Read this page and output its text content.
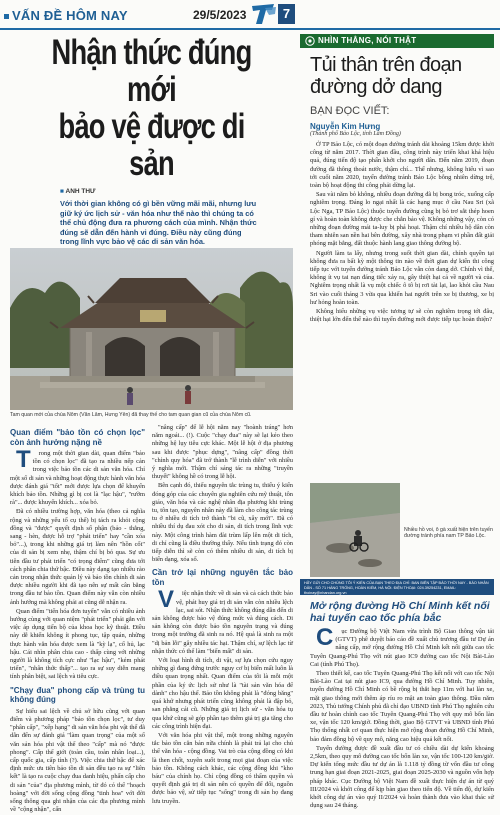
VẤN ĐỀ HÔM NAY	29/5/2023	7
Nhận thức đúng mới
bảo vệ được di sản
■ ANH THƯ
Với thời gian không có gì bền vững mãi mãi, nhưng lưu giữ ký ức lịch sử - văn hóa như thế nào thì chúng ta có thể chủ động đưa ra phương cách của mình. Nhận thức đúng sẽ dẫn đến hành vi đúng. Điều này cũng đúng trong lĩnh vực bảo vệ các di sản văn hóa.
Tam quan mới của chùa Nôm (Văn Lâm, Hưng Yên) đã thay thế cho tam quan gian cũ của chùa Nôm cũ.
Quan điểm "bảo tồn có chọn lọc" còn ảnh hưởng nặng nề

Trong một thời gian dài, quan điểm "bảo tồn có chọn lọc" đã tạo ra nhiều nếp cản trong việc bảo tồn các di sản văn hóa. Chỉ một số di sản và những hoạt động thực hành văn hóa được đánh giá "tốt" mới được lựa chọn để khuyến khích bảo tồn. Những gì bị coi là "lạc hậu", "rườm rà"... được khuyến khích... xóa bỏ.

Đã có nhiều trường hợp, văn hóa (theo cả nghĩa rộng và những yếu tố cụ thể) bị tách ra khỏi cộng đồng và "được" quyết định số phận (bảo - thắng, sang - hèn, được hỗ trợ "phát triển" hay "cần xóa bỏ"...), trong khi những giá trị làm nên "hồn cốt" của di sản bị xem nhẹ, thậm chí bị bỏ qua. Sự ưu tiên đầu tư phát triển "có trọng điểm" cũng đưa tới cách phân chia thứ bậc. Điều này dạng tạo nhiều rào cản trong nhận thức quản lý và bảo tồn chính di sản được nhiều người khi đã tạo nên sự mất cân bằng trong đầu tư bảo tồn. Quan điểm này vẫn còn nhiều ảnh hưởng mà không phải ai cũng dễ nhận ra.

Quan điểm "tiến hóa đơn tuyến" vẫn có nhiều ảnh hưởng cùng với quan niệm "phát triển" phải gắn với việc áp dụng tiến bộ của khoa học kỹ thuật. Điều này dễ khiến không ít phong tục, tập quán, những thực hành văn hóa được xem là "kỳ lạ", cổ hủ, lạc hậu. Cái nhìn phân chia cao - thấp cùng với những người là không tích cực như "lạc hậu", "kém phát triển", "nhân thức thấp"... tạo ra sự suy diễn mang tính phân biệt, sai lệch và tiêu cực.

"Chạy đua" phong cấp và trùng tu không đúng

Sự hiểu sai lệch về chủ sở hữu cũng với quan điểm và phương pháp "bảo tồn chọn lọc", tư duy "phân cấp", "xếp hạng" di sản văn hóa phi vật thể đã dẫn đến sự đánh giá "làm quan trọng" của một số văn sản hóa phi vật thể theo "cấp" mà nó "được phong". Cấp thế giới (toàn cầu, toàn nhân loại...), cấp quốc gia, cấp tỉnh (?). Việc chia thứ bậc để xác định mức ưu tiên bảo tồn di sản đều tạo ra sự "liên kết" là tạo ra cuộc chạy đua danh hiệu, phấn cấp cho di sản "của" địa phương mình, từ đó có thể "hoạch hoàng" với đời sống cộng đồng "tinh hoa" với đời sống thông qua ghi nhận của các địa phương mình về "cộng nhận", cấn

"nâng cấp" để lễ hội năm nay "hoành tráng" hơn năm ngoái... (!). Cuộc "chạy đua" này sẽ lại kéo theo những hệ lụy tiêu cực khác. Một lễ hội ở địa phương sau khi được "phục dựng", "nâng cấp" đồng thời "chỉnh quy hóa" đã trở thành "lễ trình diễn" với nhiều ý nghĩa mới. Thậm chí sáng tác ra những "truyền thuyết" không hề có trong lễ hội.

Bên cạnh đó, thiếu nguyên tắc trùng tu, thiếu ý kiến đóng góp của các chuyên gia nghiên cứu mỹ thuật, tôn giáo, văn hóa và các nghệ nhân địa phương khi trùng tu, tôn tạo, nguyên nhân này đã làm cho công tác trùng tu ở nhiều di tích trở thành "bi cũ, xây mới". Đã có nhiều thí dụ đau xót cho di sản, di tích trong lĩnh vực này. Một công trình hàm đài trùm lấp lên một di tích, di chỉ cũng là điều thường thấy. Nếu tình trạng đó còn tiếp diễn thì sẽ còn có thêm nhiều di sản, di tích bị biến dạng, xóa sổ.

Cần trở lại những nguyên tắc bảo tồn

Việc nhận thức về di sản và cả cách thức bảo vệ, phát huy giá trị di sản vẫn còn nhiều lệch lạc, sai sót. Nhận thức không đúng dẫn đến di sản không được bảo vệ đúng mức và đúng cách. Di sản không còn được bảo tồn nguyên trạng và đúng trong một trường đã sinh ra nó. Hệ quả là sinh ra một "dị bản lỗi" gây nhiều tác hại. Thậm chí, sự lệch lạc từ nhận thức có thể làm "biến mất" di sản.

Với loại hình di tích, di vật, sự lựa chọn cứu nguy những gì đang đứng trước nguy cơ bị biến mất luôn là điều quan trọng nhất. Quan điểm của tôi là mỗi một phần của ký ức lịch sử như là "tài sản văn hóa để dành" cho hậu thế. Bảo tồn không phải là "đóng băng" quá khứ nhưng phát triển cũng không phải là đập bỏ, san phẳng cái cũ. Những giá trị lịch sử - văn hóa tụ qua khứ cũng sẽ góp phần tạo thêm giá trị gia tăng cho các công trình hiện đại.

Với văn hóa phi vật thể, một trong những nguyên tắc bảo tồn căn bản nữa chính là phải trả lại cho chủ thể văn hóa - cộng đồng. Vai trò của cộng đồng có khi là then chốt, xuyên suốt trong mọi giai đoạn của việc bảo tồn. Không cách khác, các cộng đồng khi "kho báu" của chính họ. Chỉ cộng đồng có thẩm quyền và quyết định giá trị di sản nên có quyền để đổi, nguồn được bảo vệ, sử tiếp tục "sống" trong đi sản họ đang lưu truyền.

NHÌN THẲNG, NÓI THẬT
Tủi thân trên đoạn đường dở dang
BẠN ĐỌC VIẾT:
Nguyễn Kim Hưng
(Thành phố Bảo Lộc, tỉnh Lâm Đồng)

Ở TP Bảo Lộc, có một đoạn đường tránh dài khoảng 15km được khởi công từ năm 2017. Thời gian đầu, công trình này triển khai khá hiệu quả, đúng tiến độ tạo phấn khởi cho người dân. Đến năm 2019, đoạn đường đã thông thoát nước, thậm chí... Thế nhưng, không hiểu vì sao tới cuối năm 2020, tuyến đường tránh Bảo Lộc bỗng nhiên dừng trệ, toàn bộ hoạt động thi công phải dừng lại.

Sau vài năm bỏ không, nhiều đoạn đường đã bị bong tróc, xuống cấp nghiêm trọng. Đáng lo ngại nhất là các hạng mục ở cầu Nau Sri (xã Lộc Nga, TP Bảo Lộc) thuộc tuyến đường cũng bị bỏ trơ sắt thép hoen gỉ và hoàn toàn không được che chắn bảo vệ. Không những vậy, còn có những đoạn đường mái ta-luy bị phá hoại. Thậm chí nhiều hộ dân còn tham nhiên san nền hai bên đường, xây nhà trong phạm vi phần đất giải phóng mặt bằng, đất thuộc hành lang giao thông đường bộ.

Người làm ta lấy, nhưng trong suốt thời gian dài, chính quyền tại không đưa ra bất kỳ một thông tin nào về thời gian dự kiến thi công tiếp tục với tuyến đường tránh Bảo Lộc vẫn còn dang dở. Chính vì thế, không ít vụ tai nạn đáng tiếc xảy ra, gây thiệt hại cả về người và của. Nghiêm trọng nhất là vụ một chiếc ô tô bị rơi tài lại, lao khỏi cầu Nau Sri vào cuối tháng 3 vừa qua khiến hai người trên xe bị thương, xe bị hư hỏng hoàn toàn.

Không hiểu những vụ việc tương tự sẽ còn nghiêm trọng tới đâu, thiệt hại lớn đến thế nào thì tuyến đường mới được tiếp tục hoàn thiện?

Nhiều hồ voi, ô gà xuất hiện trên tuyến đường tránh phía nam TP Bảo Lộc.
HÃY GỬI CHO CHÚNG TÔI Ý KIẾN CỦA BẠN THEO ĐỊA CHỈ: BAN BIÊN TẬP BÁO THỜI NAY - BÁO NHÂN DÂN - SỐ 71 HÀNG TRỐNG, HOÀN KIẾM, HÀ NỘI. ĐIỆN THOẠI: 024.39254231, EMAIL: thoinay@nhandan.org.vn
Mở rộng đường Hồ Chí Minh kết nối hai tuyến cao tốc phía bắc

Cục Đường bộ Việt Nam vừa trình Bộ Giao thông vận tải (GTVT) phê duyệt báo cáo đề xuất chủ trương đầu tư Dự án nâng cấp, mở rộng đường Hồ Chí Minh kết nối giữa cao tốc Tuyên Quang-Phú Thọ với nút giao IC9 đường cao tốc Nội Bài-Lào Cai (tỉnh Phú Thọ).

Theo thiết kế, cao tốc Tuyên Quang-Phú Thọ kết nối với cao tốc Nội Bài-Lào Cai tại nút giao IC9, qua đường Hồ Chí Minh. Tuy nhiên, tuyến đường Hồ Chí Minh có bề rộng bị thắt hẹp 11m với hai làn xe, mặt giao thông mới thêm áp ríu ro mật an toàn giao thông. Đầu năm 2023, Thủ tướng Chính phủ đã chỉ đạo UBND tỉnh Phú Thọ nghiên cứu đầu tư hoàn chỉnh cao tốc Tuyên Quang-Phú Thọ với quy mô bốn làn xe, vận tốc 120 km/giờ. Đồng thời, giao Bộ GTVT và UBND tỉnh Phú Thọ thống nhất cơ quan thực hiện mở rộng đoạn đường Hồ Chí Minh, bảo đảm đồng bộ về quy mô, năng cao hiệu quả kết nối.

Tuyến đường được đề xuất đầu tư có chiều dài dự kiến khoảng 2,5km, theo quy mô đường cao tốc bốn làn xe, vận tốc 100-120 km/giờ. Dự kiến tổng mức đầu tư dự án là 1.118 tỷ đồng từ vốn đầu tư công trung hạn giai đoạn 2021-2025, giai đoạn 2025-2030 và nguồn vốn hợp pháp khác. Cục Đường bộ Việt Nam đề xuất thực hiện dự án từ quý III/2024 và khởi công để kịp bàn giao theo tiến độ. Về tiến độ, dự kiến khởi công dự án vào quý II/2024 và hoàn thành đưa vào khai thác sử dụng sau 24 tháng.
